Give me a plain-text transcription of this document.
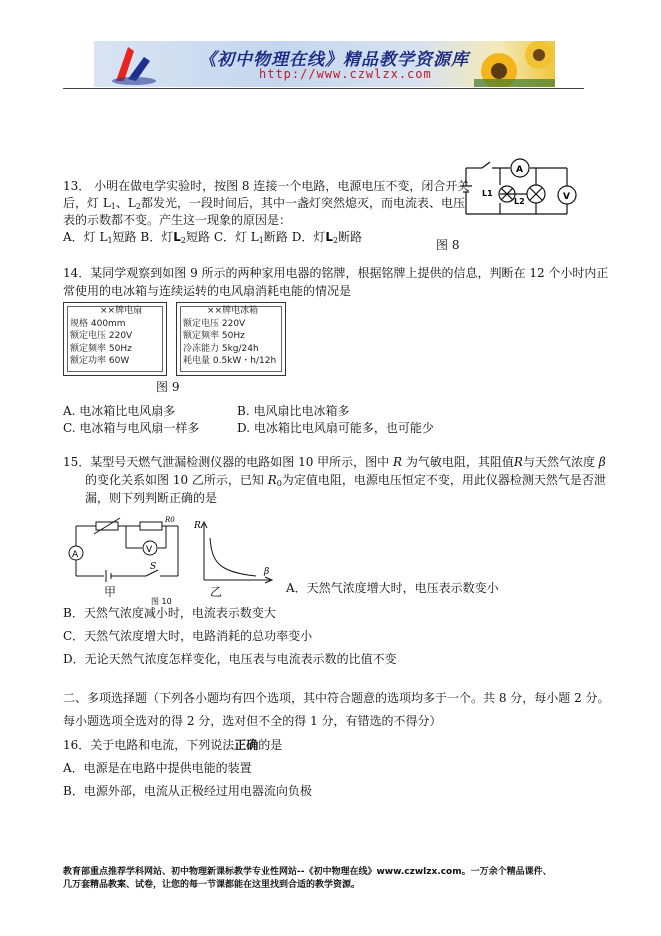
《初中物理在线》精品教学资源库
http://www.czwlzx.com
13． 小明在做电学实验时，按图 8 连接一个电路，电源电压不变，闭合开关
后，灯 $L_1$、$L_2$都发光，一段时间后，其中一盏灯突然熄灭，而电流表、电压
表的示数都不变。产生这一现象的原因是：
A．灯 $L_1$短路 B．灯$L_2$短路 C．灯 $L_1$断路 D．灯$L_2$断路
A
V
L1
L2
图 8
14．某同学观察到如图 9 所示的两种家用电器的铭牌，根据铭牌上提供的信息，判断在 12 个小时内正
常使用的电冰箱与连续运转的电风扇消耗电能的情况是
××牌电扇
规格 400mm
额定电压 220V
额定频率 50Hz
额定功率 60W
××牌电冰箱
额定电压 220V
额定频率 50Hz
冷冻能力 5kg/24h
耗电量 0.5kW・h/12h
图 9
A. 电冰箱比电风扇多	B. 电风扇比电冰箱多
C. 电冰箱与电风扇一样多	D. 电冰箱比电风扇可能多，也可能少
15．某型号天燃气泄漏检测仪器的电路如图 10 甲所示，图中 R 为气敏电阻，其阻值R与天然气浓度 β
的变化关系如图 10 乙所示，已知 $R_0$为定值电阻，电源电压恒定不变，用此仪器检测天然气是否泄
漏，则下列判断正确的是
A	V
R0
S
R
β
甲	乙
图 10
A．天然气浓度增大时，电压表示数变小
B．天然气浓度减小时，电流表示数变大
C．天然气浓度增大时，电路消耗的总功率变小
D．无论天然气浓度怎样变化，电压表与电流表示数的比值不变
二、多项选择题（下列各小题均有四个选项，其中符合题意的选项均多于一个。共 8 分，每小题 2 分。
每小题选项全选对的得 2 分，选对但不全的得 1 分，有错选的不得分）
16．关于电路和电流，下列说法正确的是
A．电源是在电路中提供电能的装置
B．电源外部，电流从正极经过用电器流向负极
教育部重点推荐学科网站、初中物理新课标教学专业性网站--《初中物理在线》www.czwlzx.com。一万余个精品课件、
几万套精品教案、试卷，让您的每一节课都能在这里找到合适的教学资源。
